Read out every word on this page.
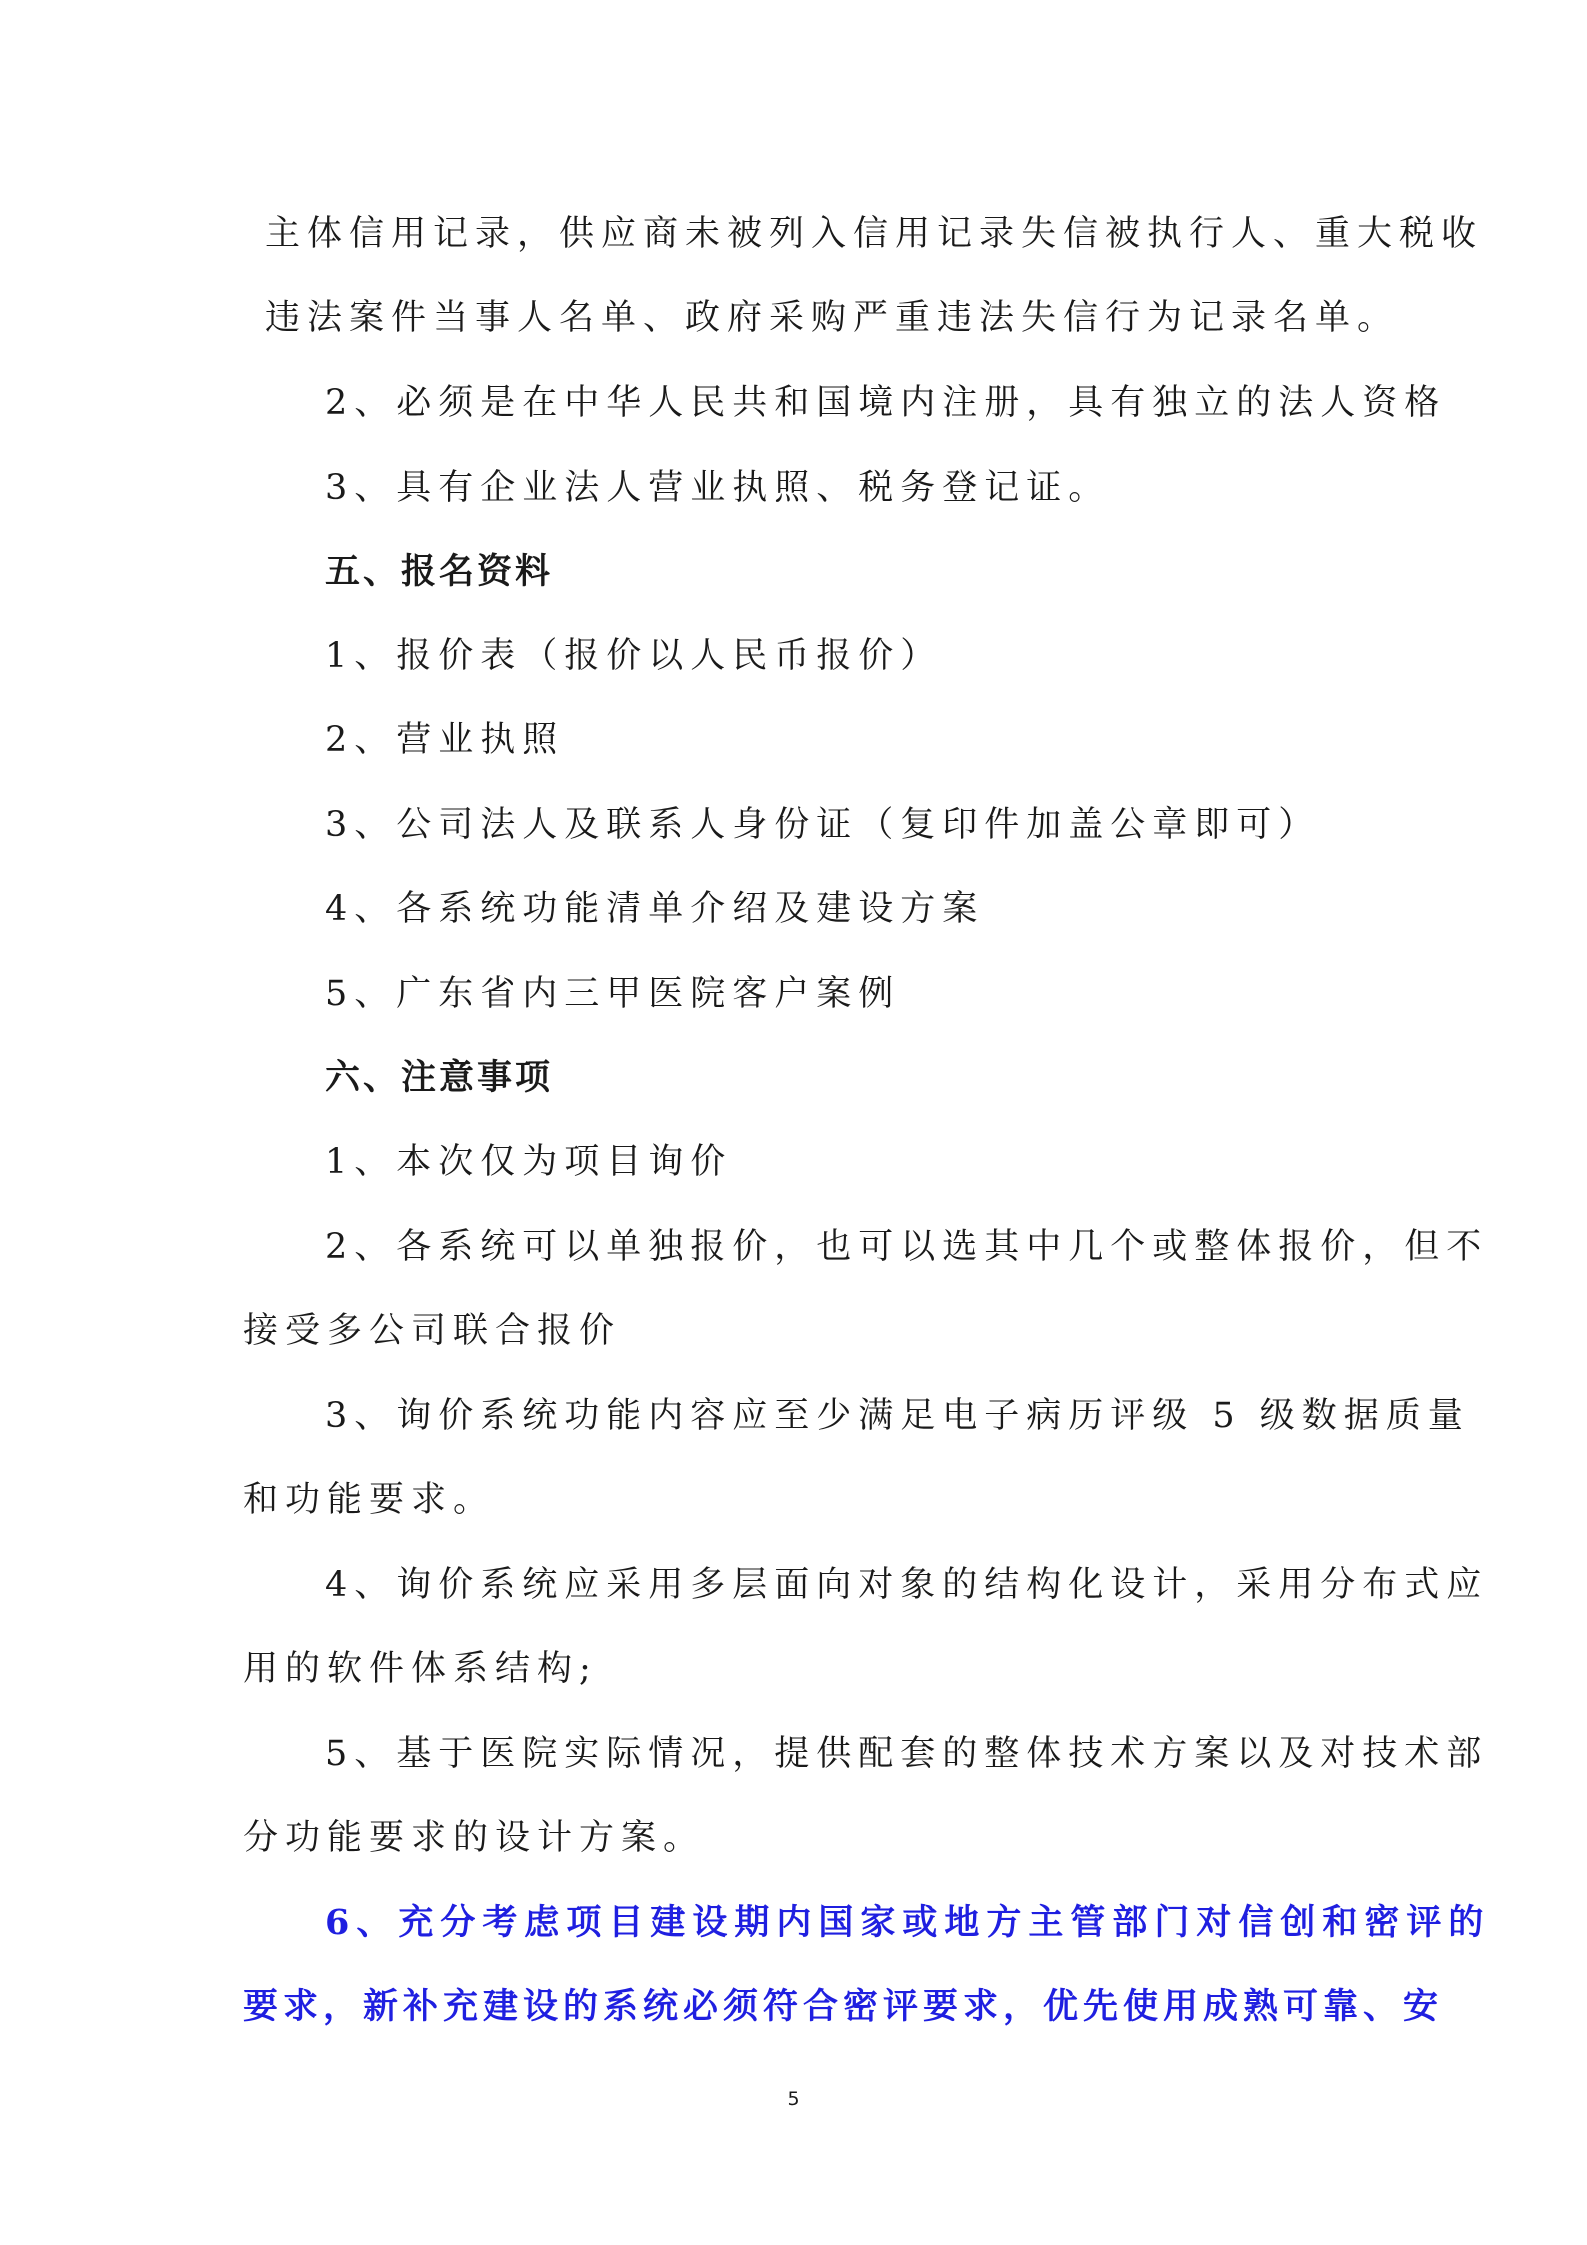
主体信用记录，供应商未被列入信用记录失信被执行人、重大税收
违法案件当事人名单、政府采购严重违法失信行为记录名单。
2、必须是在中华人民共和国境内注册，具有独立的法人资格
3、具有企业法人营业执照、税务登记证。
五、报名资料
1、报价表（报价以人民币报价）
2、营业执照
3、公司法人及联系人身份证（复印件加盖公章即可）
4、各系统功能清单介绍及建设方案
5、广东省内三甲医院客户案例
六、注意事项
1、本次仅为项目询价
2、各系统可以单独报价，也可以选其中几个或整体报价，但不
接受多公司联合报价
3、询价系统功能内容应至少满足电子病历评级 5 级数据质量
和功能要求。
4、询价系统应采用多层面向对象的结构化设计，采用分布式应
用的软件体系结构;
5、基于医院实际情况，提供配套的整体技术方案以及对技术部
分功能要求的设计方案。
6、充分考虑项目建设期内国家或地方主管部门对信创和密评的
要求，新补充建设的系统必须符合密评要求，优先使用成熟可靠、安
5
